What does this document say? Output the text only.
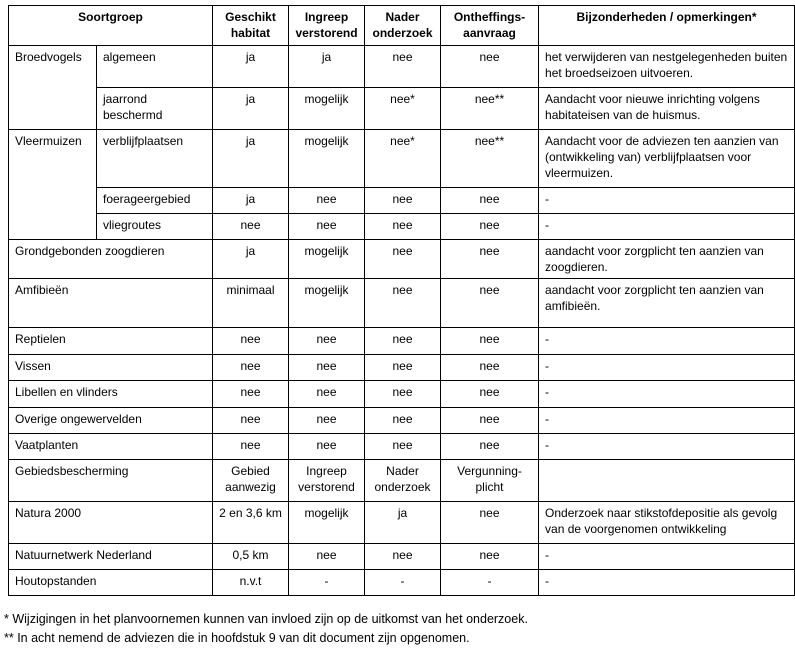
Soortgroep		Geschikt habitat	Ingreep verstorend	Nader onderzoek	Ontheffings-aanvraag	Bijzonderheden / opmerkingen*
Broedvogels	algemeen	ja	ja	nee	nee	het verwijderen van nestgelegenheden buiten het broedseizoen uitvoeren.
	jaarrond beschermd	ja	mogelijk	nee*	nee**	Aandacht voor nieuwe inrichting volgens habitateisen van de huismus.
Vleermuizen	verblijfplaatsen	ja	mogelijk	nee*	nee**	Aandacht voor de adviezen ten aanzien van (ontwikkeling van) verblijfplaatsen voor vleermuizen.
	foerageergebied	ja	nee	nee	nee	-
	vliegroutes	nee	nee	nee	nee	-
Grondgebonden zoogdieren		ja	mogelijk	nee	nee	aandacht voor zorgplicht ten aanzien van zoogdieren.
Amfibieën		minimaal	mogelijk	nee	nee	aandacht voor zorgplicht ten aanzien van amfibieën.
Reptielen		nee	nee	nee	nee	-
Vissen		nee	nee	nee	nee	-
Libellen en vlinders		nee	nee	nee	nee	-
Overige ongewervelden		nee	nee	nee	nee	-
Vaatplanten		nee	nee	nee	nee	-
Gebiedsbescherming		Gebied aanwezig	Ingreep verstorend	Nader onderzoek	Vergunning-plicht	
Natura 2000		2 en 3,6 km	mogelijk	ja	nee	Onderzoek naar stikstofdepositie als gevolg van de voorgenomen ontwikkeling
Natuurnetwerk Nederland		0,5 km	nee	nee	nee	-
Houtopstanden		n.v.t	-	-	-	-
* Wijzigingen in het planvoornemen kunnen van invloed zijn op de uitkomst van het onderzoek.
** In acht nemend de adviezen die in hoofdstuk 9 van dit document zijn opgenomen.
